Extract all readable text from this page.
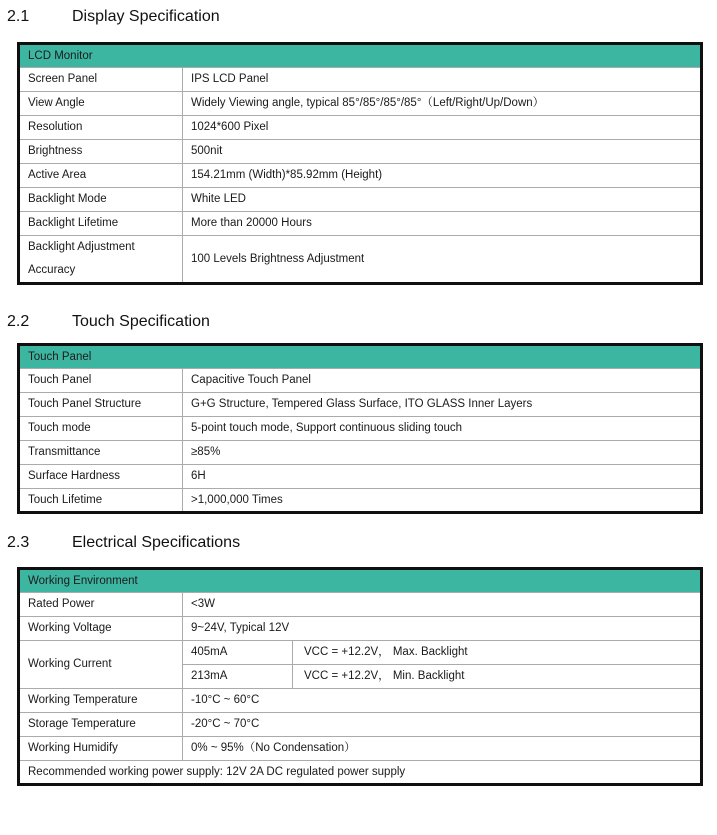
2.1	Display Specification
LCD Monitor	
Screen Panel	IPS LCD Panel
View Angle	Widely Viewing angle, typical 85°/85°/85°/85°（Left/Right/Up/Down）
Resolution	1024*600 Pixel
Brightness	500nit
Active Area	154.21mm (Width)*85.92mm (Height)
Backlight Mode	White LED
Backlight Lifetime	More than 20000 Hours
Backlight Adjustment Accuracy	100 Levels Brightness Adjustment
2.2	Touch Specification
Touch Panel	
Touch Panel	Capacitive Touch Panel
Touch Panel Structure	G+G Structure, Tempered Glass Surface, ITO GLASS Inner Layers
Touch mode	5-point touch mode, Support continuous sliding touch
Transmittance	≥85%
Surface Hardness	6H
Touch Lifetime	>1,000,000 Times
2.3	Electrical Specifications
Working Environment		
Rated Power	<3W	
Working Voltage	9~24V, Typical 12V	
Working Current	405mA	VCC = +12.2V， Max. Backlight
	213mA	VCC = +12.2V， Min. Backlight
Working Temperature	-10°C ~ 60°C	
Storage Temperature	-20°C ~ 70°C	
Working Humidify	0% ~ 95%（No Condensation）	
Recommended working power supply: 12V 2A DC regulated power supply		
